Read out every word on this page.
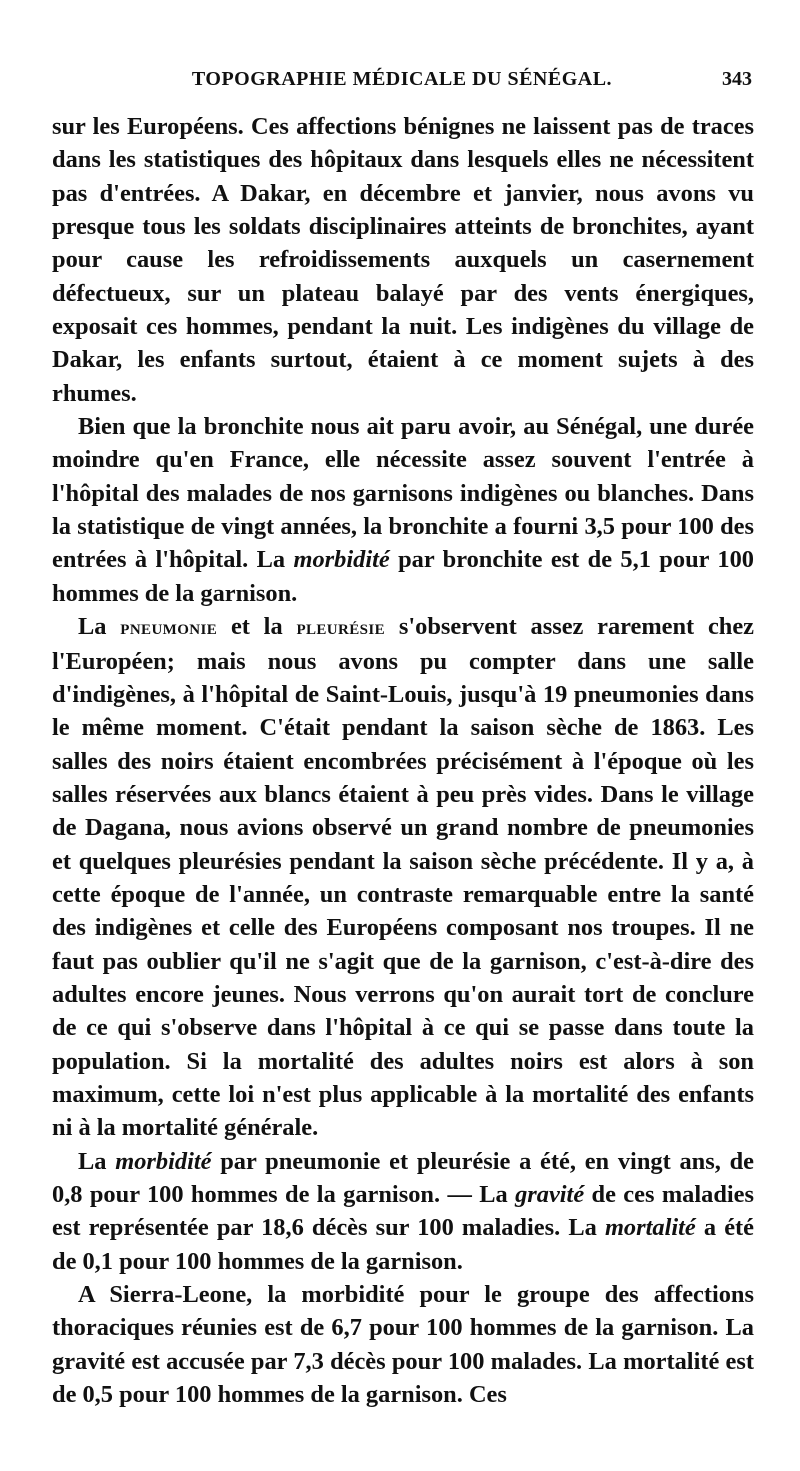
TOPOGRAPHIE MÉDICALE DU SÉNÉGAL.	343

sur les Européens. Ces affections bénignes ne laissent pas de traces dans les statistiques des hôpitaux dans lesquels elles ne nécessitent pas d'entrées. A Dakar, en décembre et janvier, nous avons vu presque tous les soldats disciplinaires atteints de bronchites, ayant pour cause les refroidissements auxquels un casernement défectueux, sur un plateau balayé par des vents énergiques, exposait ces hommes, pendant la nuit. Les indigènes du village de Dakar, les enfants surtout, étaient à ce moment sujets à des rhumes.

Bien que la bronchite nous ait paru avoir, au Sénégal, une durée moindre qu'en France, elle nécessite assez souvent l'entrée à l'hôpital des malades de nos garnisons indigènes ou blanches. Dans la statistique de vingt années, la bronchite a fourni 3,5 pour 100 des entrées à l'hôpital. La morbidité par bronchite est de 5,1 pour 100 hommes de la garnison.

La pneumonie et la pleurésie s'observent assez rarement chez l'Européen; mais nous avons pu compter dans une salle d'indigènes, à l'hôpital de Saint-Louis, jusqu'à 19 pneumonies dans le même moment. C'était pendant la saison sèche de 1863. Les salles des noirs étaient encombrées précisément à l'époque où les salles réservées aux blancs étaient à peu près vides. Dans le village de Dagana, nous avions observé un grand nombre de pneumonies et quelques pleurésies pendant la saison sèche précédente. Il y a, à cette époque de l'année, un contraste remarquable entre la santé des indigènes et celle des Européens composant nos troupes. Il ne faut pas oublier qu'il ne s'agit que de la garnison, c'est-à-dire des adultes encore jeunes. Nous verrons qu'on aurait tort de conclure de ce qui s'observe dans l'hôpital à ce qui se passe dans toute la population. Si la mortalité des adultes noirs est alors à son maximum, cette loi n'est plus applicable à la mortalité des enfants ni à la mortalité générale.

La morbidité par pneumonie et pleurésie a été, en vingt ans, de 0,8 pour 100 hommes de la garnison. — La gravité de ces maladies est représentée par 18,6 décès sur 100 maladies. La mortalité a été de 0,1 pour 100 hommes de la garnison.

A Sierra-Leone, la morbidité pour le groupe des affections thoraciques réunies est de 6,7 pour 100 hommes de la garnison. La gravité est accusée par 7,3 décès pour 100 malades. La mortalité est de 0,5 pour 100 hommes de la garnison. Ces
